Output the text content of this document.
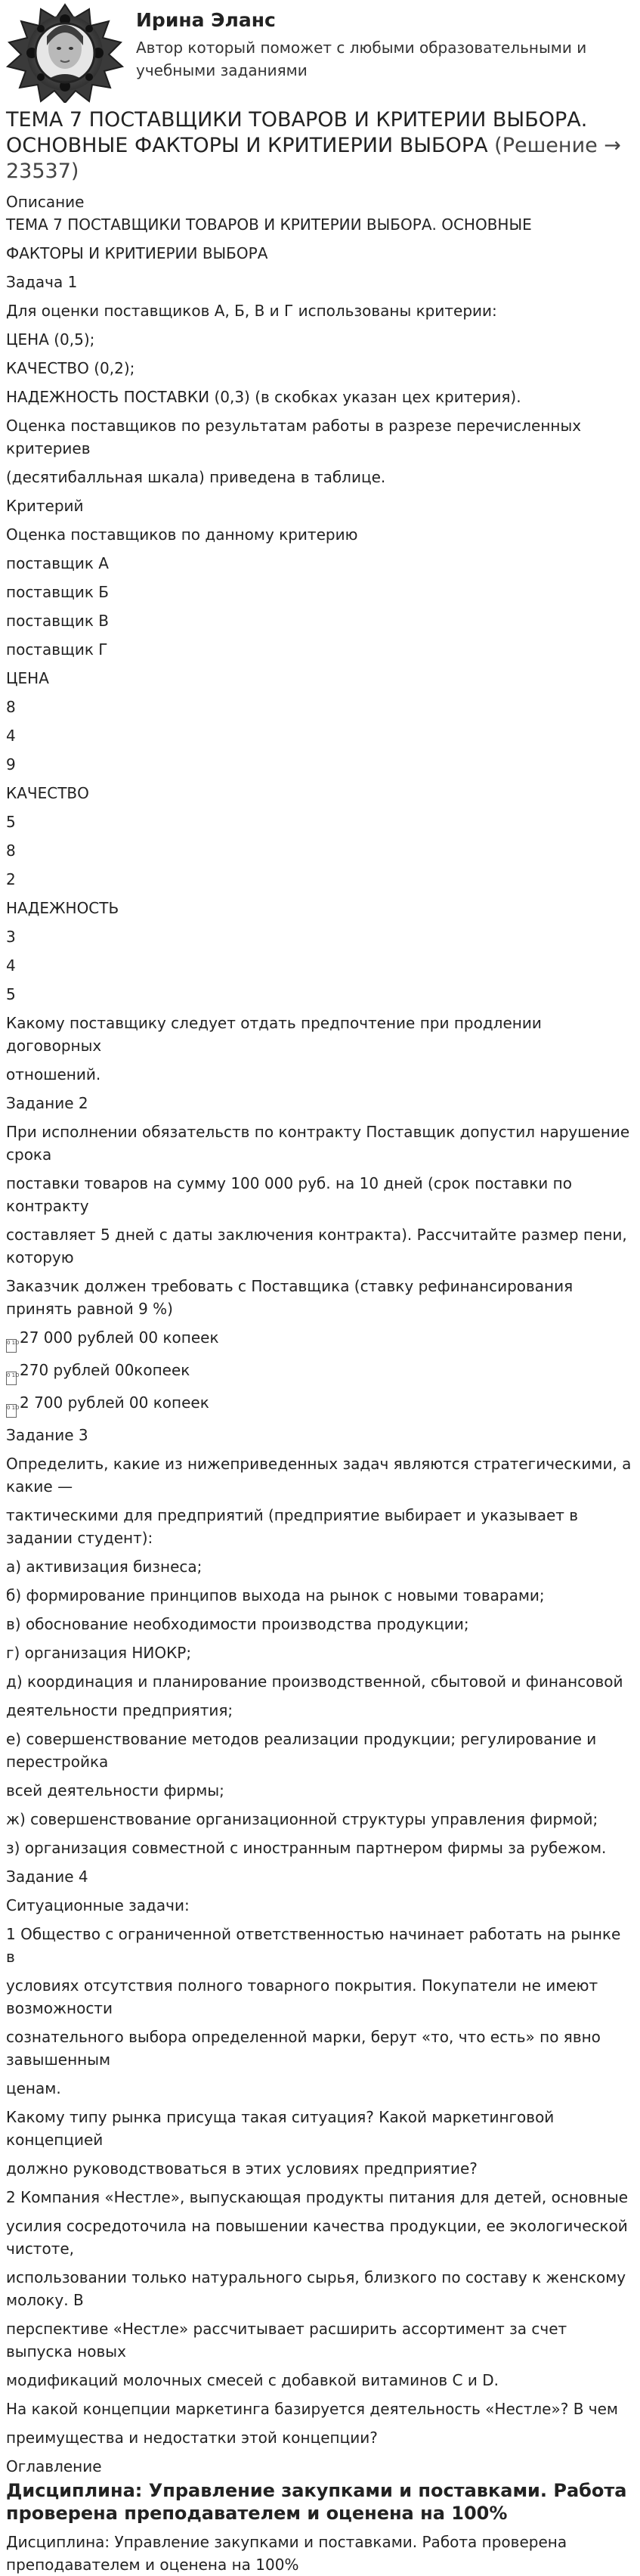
Ирина Эланс
Автор который поможет с любыми образовательными и учебными заданиями
ТЕМА 7 ПОСТАВЩИКИ ТОВАРОВ И КРИТЕРИИ ВЫБОРА. ОСНОВНЫЕ ФАКТОРЫ И КРИТИЕРИИ ВЫБОРА (Решение → 23537)
Описание
ТЕМА 7 ПОСТАВЩИКИ ТОВАРОВ И КРИТЕРИИ ВЫБОРА. ОСНОВНЫЕ
ФАКТОРЫ И КРИТИЕРИИ ВЫБОРА
Задача 1
Для оценки поставщиков А, Б, В и Г использованы критерии:
ЦЕНА (0,5);
КАЧЕСТВО (0,2);
НАДЕЖНОСТЬ ПОСТАВКИ (0,3) (в скобках указан цех критерия).
Оценка поставщиков по результатам работы в разрезе перечисленных критериев
(десятибалльная шкала) приведена в таблице.
Критерий
Оценка поставщиков по данному критерию
поставщик А
поставщик Б
поставщик В
поставщик Г
ЦЕНА
8
4
9
КАЧЕСТВО
5
8
2
НАДЕЖНОСТЬ
3
4
5
Какому поставщику следует отдать предпочтение при продлении договорных
отношений.
Задание 2
При исполнении обязательств по контракту Поставщик допустил нарушение срока
поставки товаров на сумму 100 000 руб. на 10 дней (срок поставки по контракту
составляет 5 дней с даты заключения контракта). Рассчитайте размер пени, которую
Заказчик должен требовать с Поставщика (ставку рефинансирования принять равной 9 %)
0 1D27 000 рублей 00 копеек
0 1D270 рублей 00копеек
0 1D2 700 рублей 00 копеек
Задание 3
Определить, какие из нижеприведенных задач являются стратегическими, а какие —
тактическими для предприятий (предприятие выбирает и указывает в задании студент):
а) активизация бизнеса;
б) формирование принципов выхода на рынок с новыми товарами;
в) обоснование необходимости производства продукции;
г) организация НИОКР;
д) координация и планирование производственной, сбытовой и финансовой
деятельности предприятия;
е) совершенствование методов реализации продукции; регулирование и перестройка
всей деятельности фирмы;
ж) совершенствование организационной структуры управления фирмой;
з) организация совместной с иностранным партнером фирмы за рубежом.
Задание 4
Ситуационные задачи:
1 Общество с ограниченной ответственностью начинает работать на рынке в
условиях отсутствия полного товарного покрытия. Покупатели не имеют возможности
сознательного выбора определенной марки, берут «то, что есть» по явно завышенным
ценам.
Какому типу рынка присуща такая ситуация? Какой маркетинговой концепцией
должно руководствоваться в этих условиях предприятие?
2 Компания «Нестле», выпускающая продукты питания для детей, основные
усилия сосредоточила на повышении качества продукции, ее экологической чистоте,
использовании только натурального сырья, близкого по составу к женскому молоку. В
перспективе «Нестле» рассчитывает расширить ассортимент за счет выпуска новых
модификаций молочных смесей с добавкой витаминов С и D.
На какой концепции маркетинга базируется деятельность «Нестле»? В чем
преимущества и недостатки этой концепции?
Оглавление
Дисциплина: Управление закупками и поставками. Работа проверена преподавателем и оценена на 100%
Дисциплина: Управление закупками и поставками. Работа проверена преподавателем и оценена на 100%
